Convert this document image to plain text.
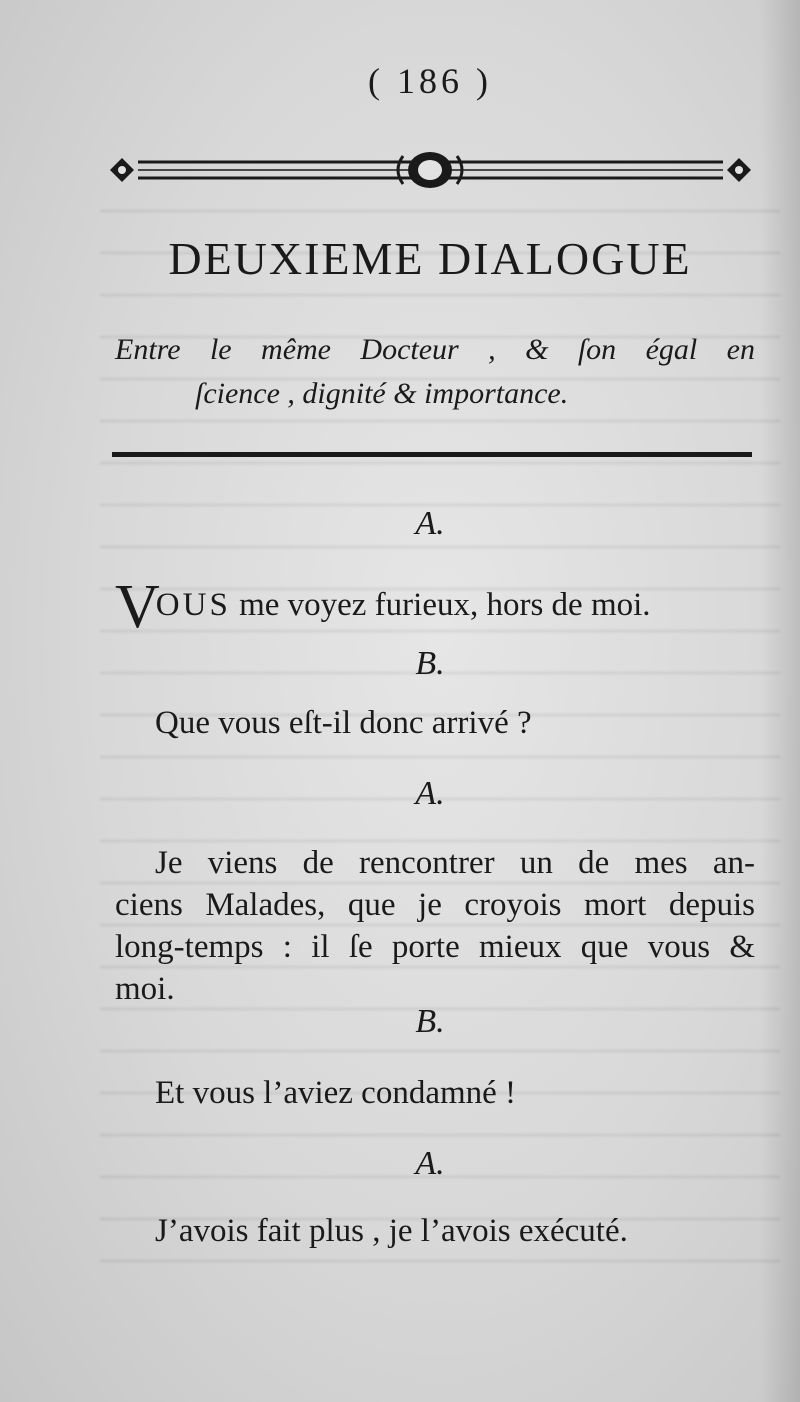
( 186 )
DEUXIEME DIALOGUE
Entre le même Docteur , & ſon égal en
ſcience , dignité & importance.
A.
VOUS me voyez furieux, hors de moi.
B.
Que vous eſt-il donc arrivé ?
A.
Je viens de rencontrer un de mes an-
ciens Malades, que je croyois mort depuis
long-temps : il ſe porte mieux que vous &
moi.
B.
Et vous l’aviez condamné !
A.
J’avois fait plus , je l’avois exécuté.
